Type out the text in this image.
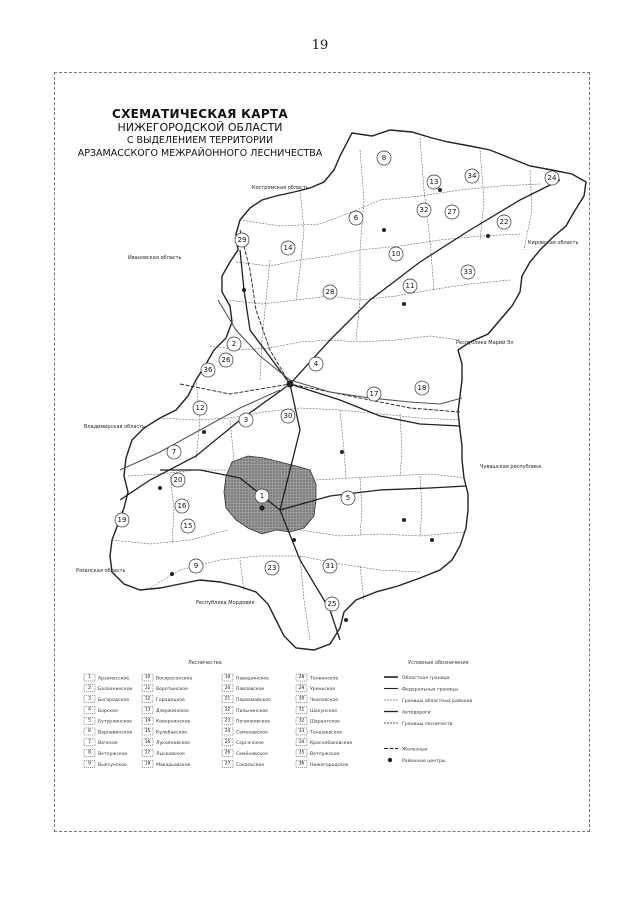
19
СХЕМАТИЧЕСКАЯ КАРТА
НИЖЕГОРОДСКОЙ ОБЛАСТИ
С ВЫДЕЛЕНИЕМ ТЕРРИТОРИИ
АРЗАМАССКОГО МЕЖРАЙОННОГО ЛЕСНИЧЕСТВА
Костромская область
Ивановская область
Кировская область
Республика Марий Эл
Владимирская область
Чувашская республика
Рязанская область
Республика Мордовия
8
13
34	24
6
32	27
22
10
14
33
11
28
29
2
4
36
17
18
12
3	30
7
5
20
16
19
15
9	23	31
25
1
26
Лесничества	Условные обозначения
1 Арзамасское
2 Балахнинское
3 Богородское
4 Борское
5 Бутурлинское
6 Варнавинское
7 Вачское
8 Ветлужское
9 Выксунское
10 Воскресенское
11 Воротынское
12 Городецкое
13 Дзержинское
14 Ковернинское
15 Кулебакское
16 Лукояновское
17 Лысковское
18 Макарьевское
19 Навашинское
20 Павловское
21 Первомайское
22 Пильнинское
23 Починковское
24 Семеновское
25 Сергачское
26 Семёновское
27 Сокольское
28 Тонкинское
29 Уреньское
30 Чкаловское
31 Шахунское
32 Шарангское
33 Тоншаевское
34 Краснобаковское
35 Ветлужское
36 Нижегородское
Областная граница
Федеральные границы
Границы областных районов
Автодороги
Границы лесничеств
Железные
Районные центры
